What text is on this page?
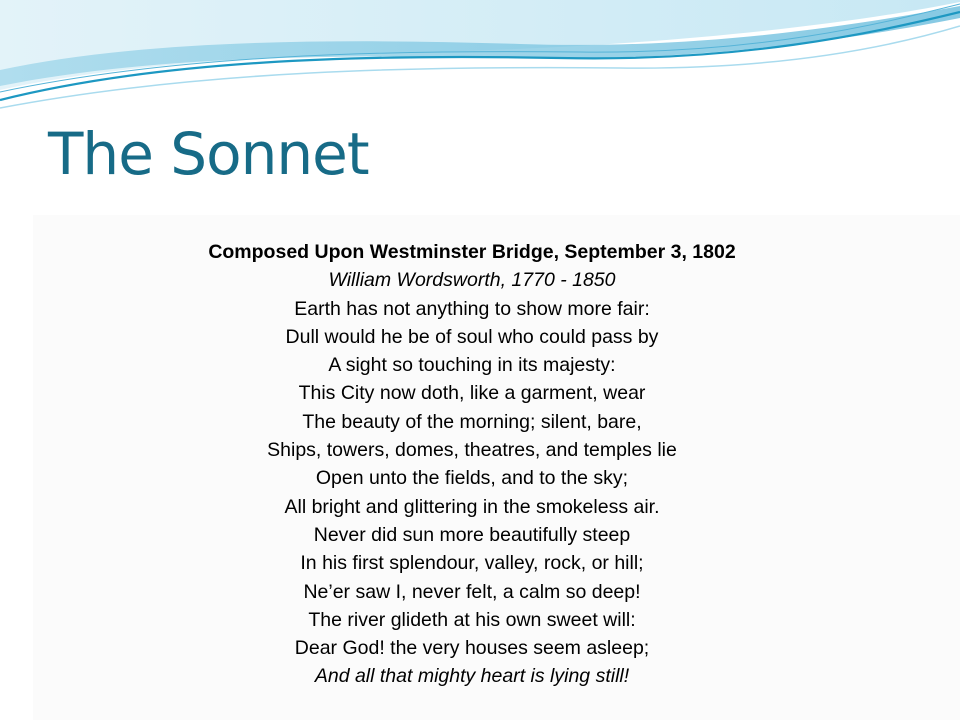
The Sonnet
Composed Upon Westminster Bridge, September 3, 1802
William Wordsworth, 1770 - 1850
Earth has not anything to show more fair:
Dull would he be of soul who could pass by
A sight so touching in its majesty:
This City now doth, like a garment, wear
The beauty of the morning; silent, bare,
Ships, towers, domes, theatres, and temples lie
Open unto the fields, and to the sky;
All bright and glittering in the smokeless air.
Never did sun more beautifully steep
In his first splendour, valley, rock, or hill;
Ne’er saw I, never felt, a calm so deep!
The river glideth at his own sweet will:
Dear God! the very houses seem asleep;
And all that mighty heart is lying still!
